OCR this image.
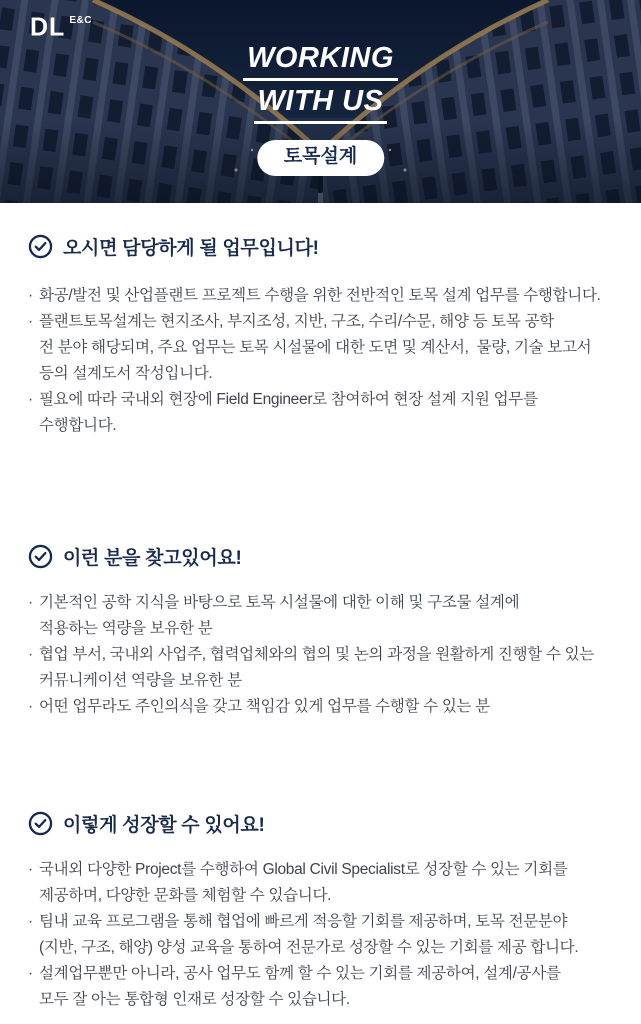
DL E&C
WORKING
WITH US
토목설계
오시면 담당하게 될 업무입니다!
· 화공/발전 및 산업플랜트 프로젝트 수행을 위한 전반적인 토목 설계 업무를 수행합니다.
· 플랜트토목설계는 현지조사, 부지조성, 지반, 구조, 수리/수문, 해양 등 토목 공학
전 분야 해당되며, 주요 업무는 토목 시설물에 대한 도면 및 계산서,  물량, 기술 보고서
등의 설계도서 작성입니다.
· 필요에 따라 국내외 현장에 Field Engineer로 참여하여 현장 설계 지원 업무를
수행합니다.
이런 분을 찾고있어요!
· 기본적인 공학 지식을 바탕으로 토목 시설물에 대한 이해 및 구조물 설계에
적용하는 역량을 보유한 분
· 협업 부서, 국내외 사업주, 협력업체와의 협의 및 논의 과정을 원활하게 진행할 수 있는
커뮤니케이션 역량을 보유한 분
· 어떤 업무라도 주인의식을 갖고 책임감 있게 업무를 수행할 수 있는 분
이렇게 성장할 수 있어요!
· 국내외 다양한 Project를 수행하여 Global Civil Specialist로 성장할 수 있는 기회를
제공하며, 다양한 문화를 체험할 수 있습니다.
· 팀내 교육 프로그램을 통해 협업에 빠르게 적응할 기회를 제공하며, 토목 전문분야
(지반, 구조, 해양) 양성 교육을 통하여 전문가로 성장할 수 있는 기회를 제공 합니다.
· 설계업무뿐만 아니라, 공사 업무도 함께 할 수 있는 기회를 제공하여, 설계/공사를
모두 잘 아는 통합형 인재로 성장할 수 있습니다.
